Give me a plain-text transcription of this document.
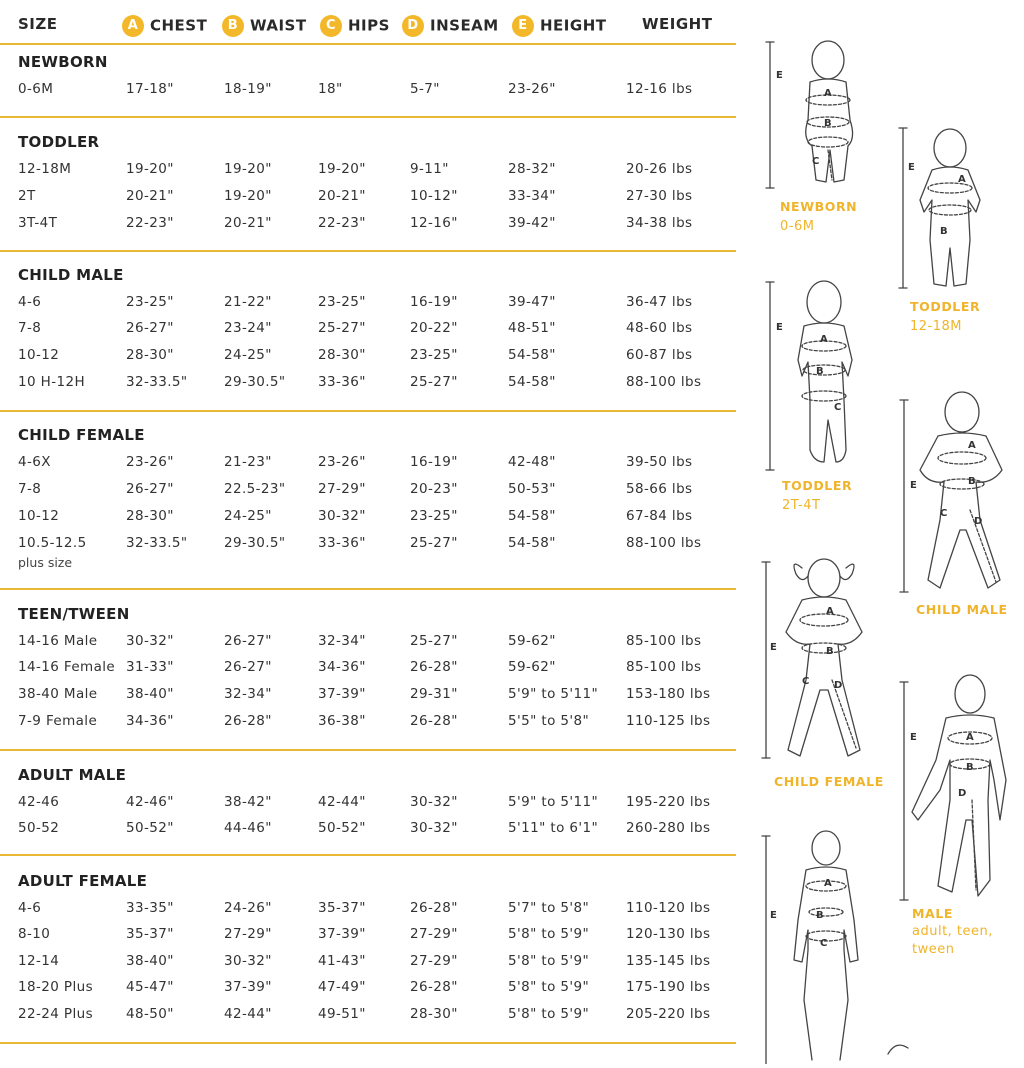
SIZE	A CHEST	B WAIST	C HIPS	D INSEAM	E HEIGHT WEIGHT
NEWBORN
0-6M	17-18"	18-19"	18"	5-7"	23-26"	12-16 lbs
TODDLER
12-18M	19-20"	19-20"	19-20"	9-11"	28-32"	20-26 lbs
2T	20-21"	19-20"	20-21"	10-12"	33-34"	27-30 lbs
3T-4T	22-23"	20-21"	22-23"	12-16"	39-42"	34-38 lbs
CHILD MALE
4-6	23-25"	21-22"	23-25"	16-19"	39-47"	36-47 lbs
7-8	26-27"	23-24"	25-27"	20-22"	48-51"	48-60 lbs
10-12	28-30"	24-25"	28-30"	23-25"	54-58"	60-87 lbs
10 H-12H	32-33.5"	29-30.5" 33-36"	25-27"	54-58"	88-100 lbs
CHILD FEMALE
4-6X	23-26"	21-23"	23-26"	16-19"	42-48"	39-50 lbs
7-8	26-27"	22.5-23" 27-29"	20-23"	50-53"	58-66 lbs
10-12	28-30"	24-25"	30-32"	23-25"	54-58"	67-84 lbs
10.5-12.5	32-33.5"	29-30.5" 33-36"	25-27"	54-58"	88-100 lbs
plus size
TEEN/TWEEN
14-16 Male 30-32"	26-27"	32-34"	25-27"	59-62"	85-100 lbs
14-16 Female 31-33"	26-27"	34-36"	26-28"	59-62"	85-100 lbs
38-40 Male 38-40"	32-34"	37-39"	29-31"	5'9" to 5'11" 153-180 lbs
7-9 Female 34-36"	26-28"	36-38"	26-28"	5'5" to 5'8"	110-125 lbs
ADULT MALE
42-46	42-46"	38-42"	42-44"	30-32"	5'9" to 5'11" 195-220 lbs
50-52	50-52"	44-46"	50-52"	30-32"	5'11" to 6'1" 260-280 lbs
ADULT FEMALE
4-6	33-35"	24-26"	35-37"	26-28"	5'7" to 5'8"	110-120 lbs
8-10	35-37"	27-29"	37-39"	27-29"	5'8" to 5'9"	120-130 lbs
12-14	38-40"	30-32"	41-43"	27-29"	5'8" to 5'9"	135-145 lbs
18-20 Plus 45-47"	37-39"	47-49"	26-28"	5'8" to 5'9"	175-190 lbs
22-24 Plus 48-50"	42-44"	49-51"	28-30"	5'8" to 5'9"	205-220 lbs
E
A
B
C
E
A
B
E
A
B
C
E
A
B
C
D
E
A
B
C D
E	A
B
D
E
A
B
C
NEWBORN
0-6M
TODDLER
12-18M
TODDLER
2T-4T
CHILD MALE
CHILD FEMALE
MALE
adult, teen,
tween
